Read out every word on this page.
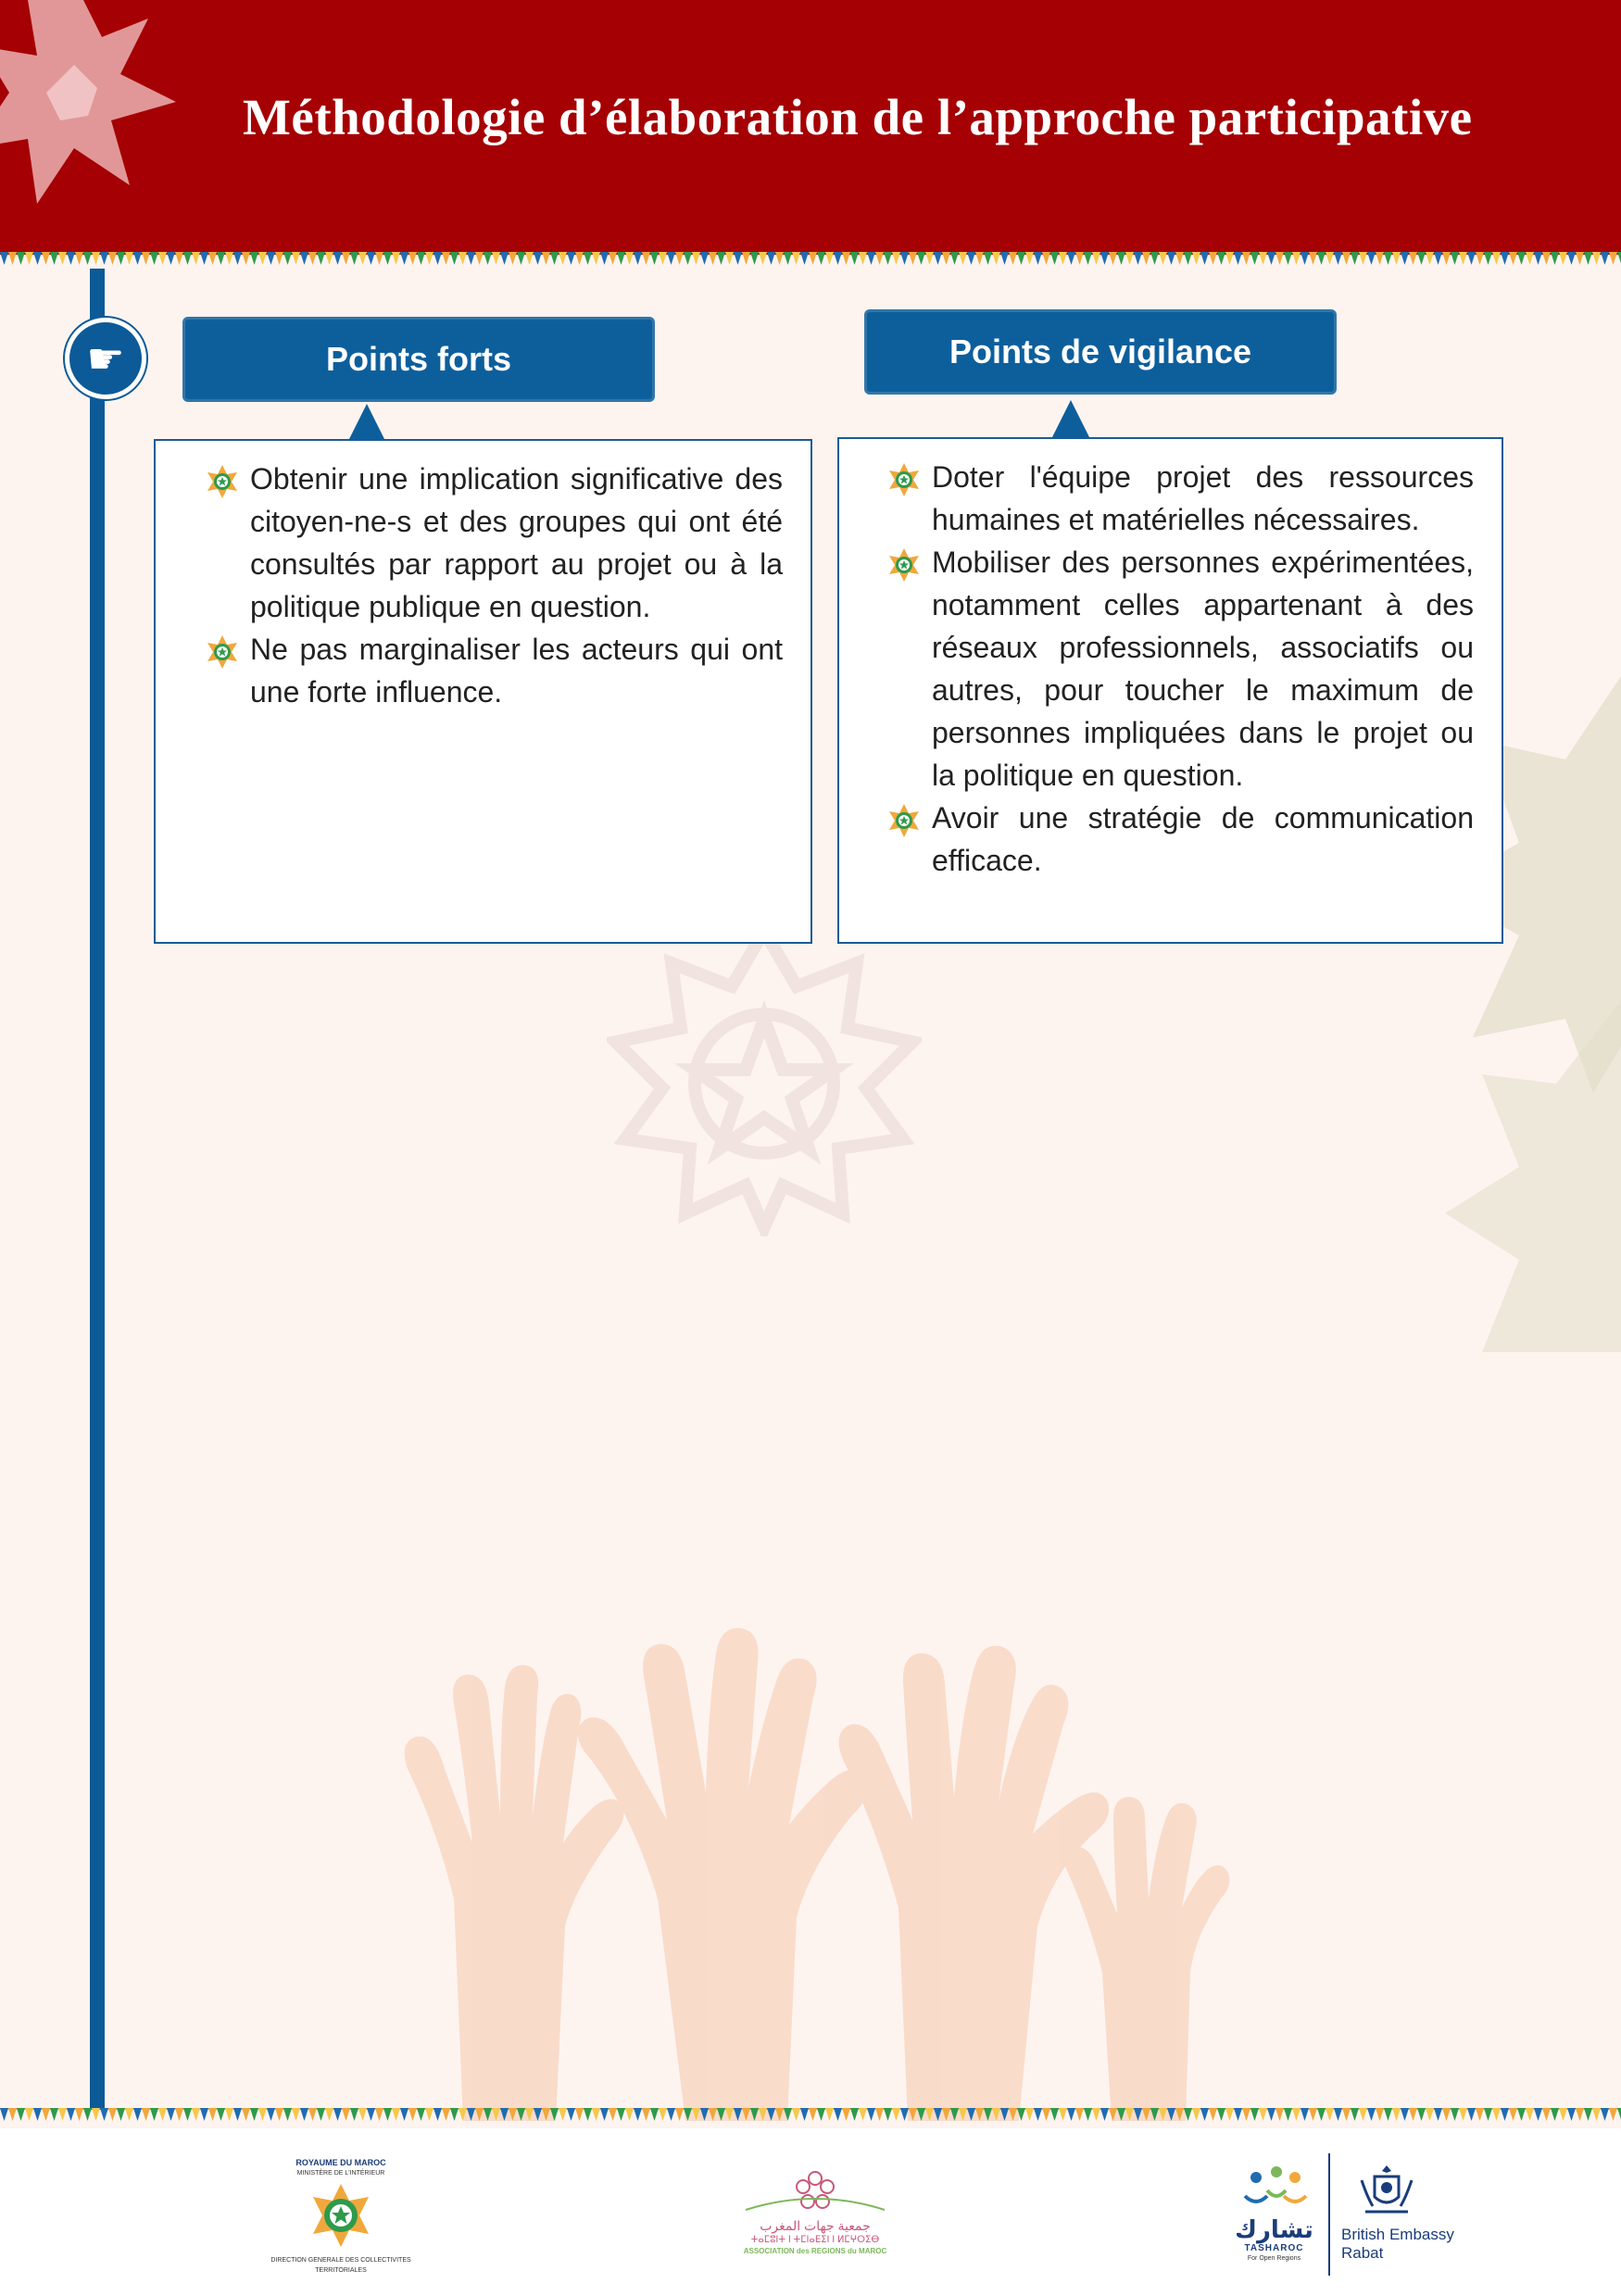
Méthodologie d’élaboration de l’approche participative
☛	Points forts
Obtenir une implication significative des citoyen-ne-s et des groupes qui ont été consultés par rapport au projet ou à la politique publique en question.
Ne pas marginaliser les acteurs qui ont une forte influence.
Points de vigilance
Doter l'équipe projet des ressources humaines et matérielles nécessaires.
Mobiliser des personnes expérimentées, notamment celles appartenant à des réseaux professionnels, associatifs ou autres, pour toucher le maximum de personnes impliquées dans le projet ou la politique en question.
Avoir une stratégie de communication efficace.
ROYAUME DU MAROC
MINISTÈRE DE L'INTÉRIEUR
DIRECTION GENERALE DES COLLECTIVITES TERRITORIALES
جمعية جهات المغرب
ⵜⴰⵎⵓⵏⵜ ⵏ ⵜⵎⵏⴰⴹⵉⵏ ⵏ ⵍⵎⵖⵔⵉⴱ
ASSOCIATION des REGIONS du MAROC
تشارك
TASHAROC
For Open Regions
British Embassy
Rabat
